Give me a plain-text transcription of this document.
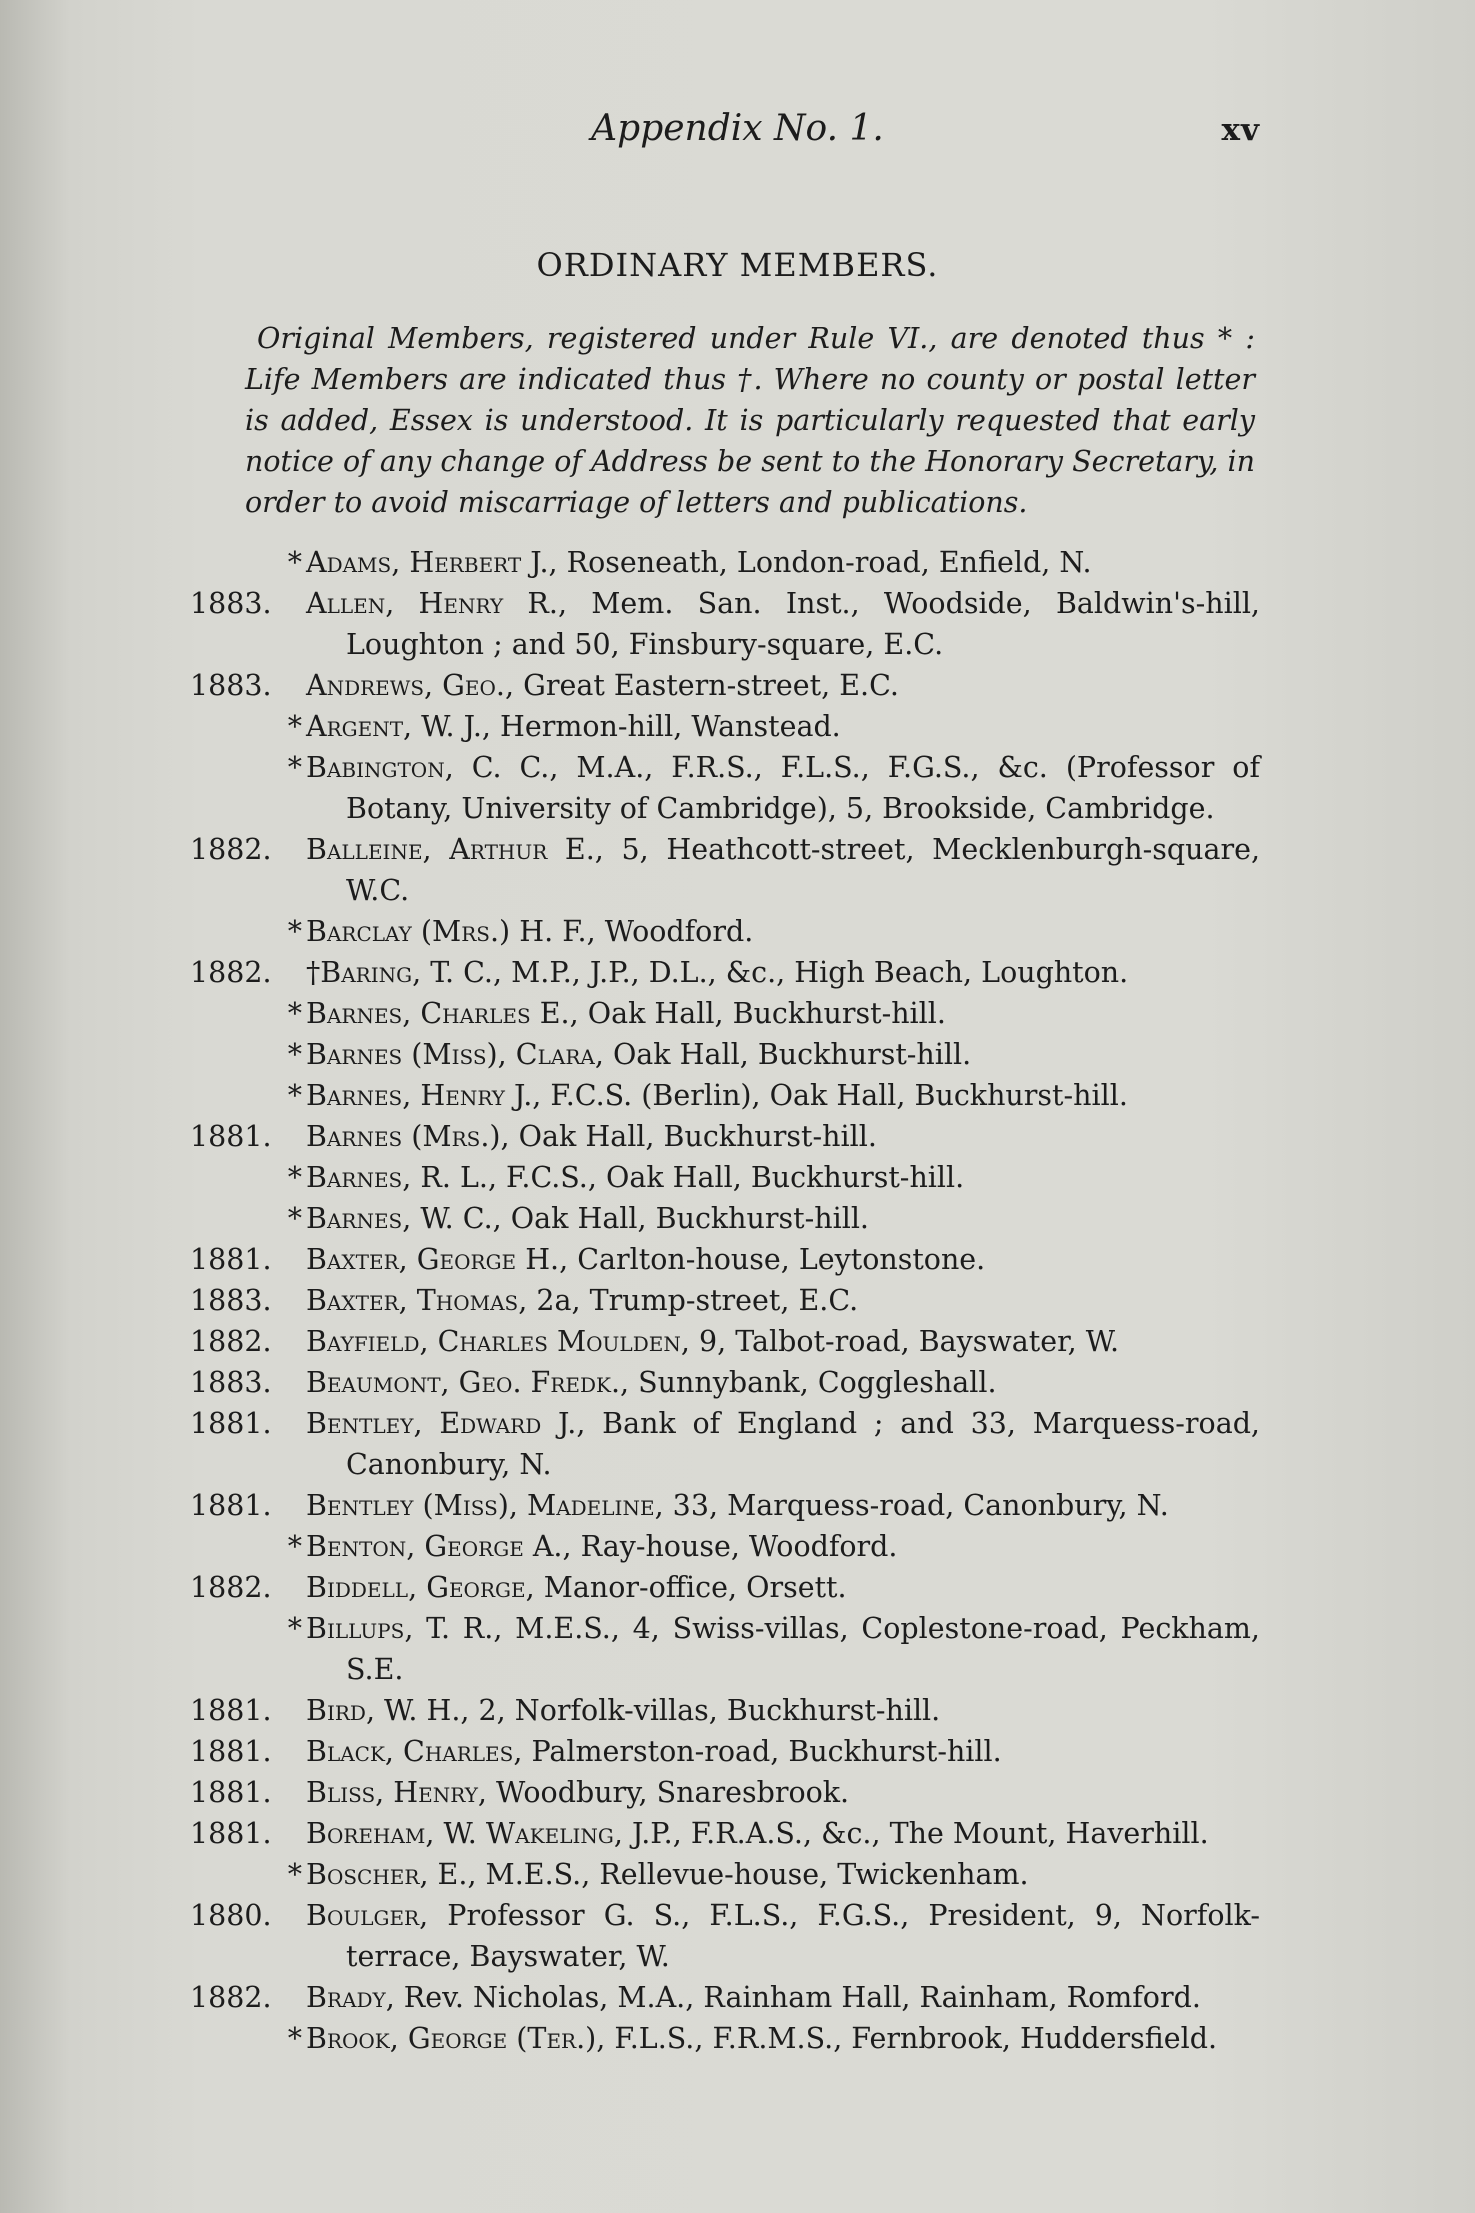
Appendix No. 1.	xv
ORDINARY MEMBERS.
Original Members, registered under Rule VI., are denoted thus * : Life Members are indicated thus †. Where no county or postal letter is added, Essex is understood. It is particularly requested that early notice of any change of Address be sent to the Honorary Secretary, in order to avoid miscarriage of letters and publications.
* Adams, Herbert J., Roseneath, London-road, Enfield, N.
1883. Allen, Henry R., Mem. San. Inst., Woodside, Baldwin's-hill, Loughton ; and 50, Finsbury-square, E.C.
1883. Andrews, Geo., Great Eastern-street, E.C.
* Argent, W. J., Hermon-hill, Wanstead.
* Babington, C. C., M.A., F.R.S., F.L.S., F.G.S., &c. (Professor of Botany, University of Cambridge), 5, Brookside, Cambridge.
1882. Balleine, Arthur E., 5, Heathcott-street, Mecklenburgh-square, W.C.
* Barclay (Mrs.) H. F., Woodford.
1882. †Baring, T. C., M.P., J.P., D.L., &c., High Beach, Loughton.
* Barnes, Charles E., Oak Hall, Buckhurst-hill.
* Barnes (Miss), Clara, Oak Hall, Buckhurst-hill.
* Barnes, Henry J., F.C.S. (Berlin), Oak Hall, Buckhurst-hill.
1881. Barnes (Mrs.), Oak Hall, Buckhurst-hill.
* Barnes, R. L., F.C.S., Oak Hall, Buckhurst-hill.
* Barnes, W. C., Oak Hall, Buckhurst-hill.
1881. Baxter, George H., Carlton-house, Leytonstone.
1883. Baxter, Thomas, 2a, Trump-street, E.C.
1882. Bayfield, Charles Moulden, 9, Talbot-road, Bayswater, W.
1883. Beaumont, Geo. Fredk., Sunnybank, Coggleshall.
1881. Bentley, Edward J., Bank of England ; and 33, Marquess-road, Canonbury, N.
1881. Bentley (Miss), Madeline, 33, Marquess-road, Canonbury, N.
* Benton, George A., Ray-house, Woodford.
1882. Biddell, George, Manor-office, Orsett.
* Billups, T. R., M.E.S., 4, Swiss-villas, Coplestone-road, Peckham, S.E.
1881. Bird, W. H., 2, Norfolk-villas, Buckhurst-hill.
1881. Black, Charles, Palmerston-road, Buckhurst-hill.
1881. Bliss, Henry, Woodbury, Snaresbrook.
1881. Boreham, W. Wakeling, J.P., F.R.A.S., &c., The Mount, Haverhill.
* Boscher, E., M.E.S., Rellevue-house, Twickenham.
1880. Boulger, Professor G. S., F.L.S., F.G.S., President, 9, Norfolk-terrace, Bayswater, W.
1882. Brady, Rev. Nicholas, M.A., Rainham Hall, Rainham, Romford.
* Brook, George (Ter.), F.L.S., F.R.M.S., Fernbrook, Huddersfield.
